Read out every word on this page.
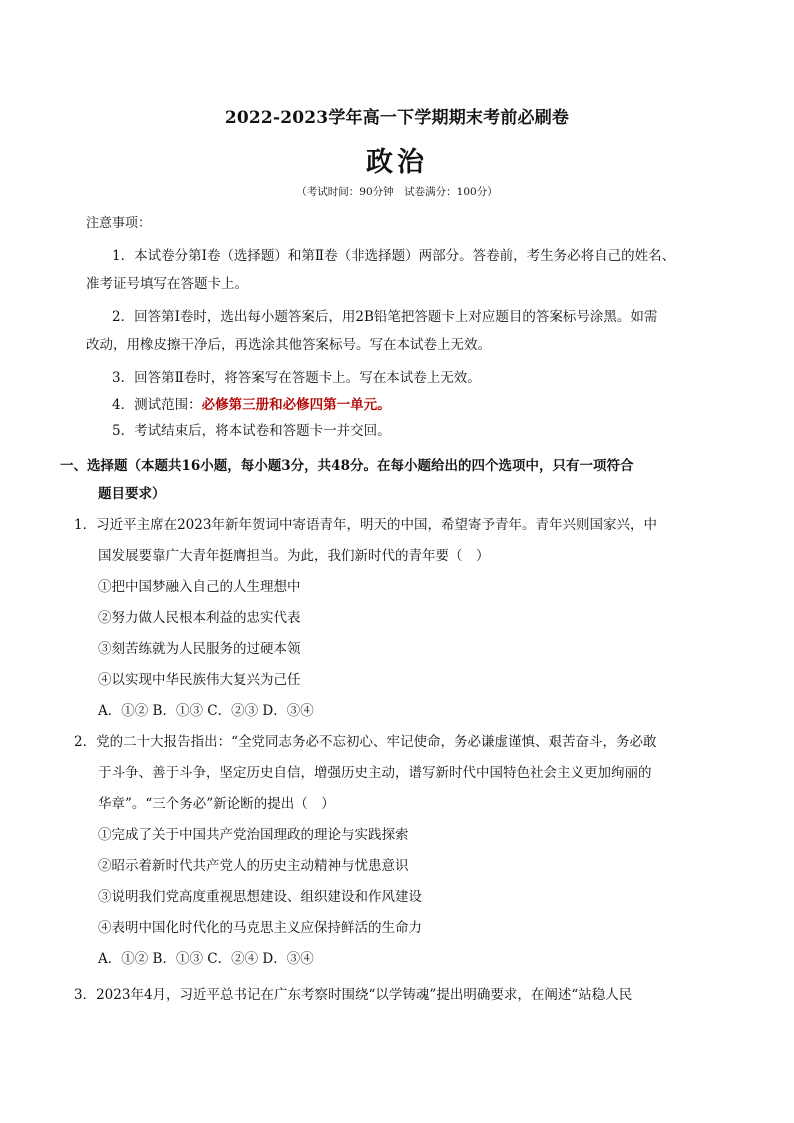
2022-2023学年高一下学期期末考前必刷卷
政治
（考试时间：90分钟　试卷满分：100分）
注意事项：
1．本试卷分第Ⅰ卷（选择题）和第Ⅱ卷（非选择题）两部分。答卷前，考生务必将自己的姓名、
准考证号填写在答题卡上。
2．回答第Ⅰ卷时，选出每小题答案后，用2B铅笔把答题卡上对应题目的答案标号涂黑。如需
改动，用橡皮擦干净后，再选涂其他答案标号。写在本试卷上无效。
3．回答第Ⅱ卷时，将答案写在答题卡上。写在本试卷上无效。
4．测试范围：必修第三册和必修四第一单元。
5．考试结束后，将本试卷和答题卡一并交回。
一、选择题（本题共16小题，每小题3分，共48分。在每小题给出的四个选项中，只有一项符合
题目要求）
1．习近平主席在2023年新年贺词中寄语青年，明天的中国，希望寄予青年。青年兴则国家兴，中
国发展要靠广大青年挺膺担当。为此，我们新时代的青年要（　）
①把中国梦融入自己的人生理想中
②努力做人民根本利益的忠实代表
③刻苦练就为人民服务的过硬本领
④以实现中华民族伟大复兴为己任
A．①② B．①③ C．②③ D．③④
2．党的二十大报告指出：“全党同志务必不忘初心、牢记使命，务必谦虚谨慎、艰苦奋斗，务必敢
于斗争、善于斗争，坚定历史自信，增强历史主动，谱写新时代中国特色社会主义更加绚丽的
华章”。“三个务必”新论断的提出（　）
①完成了关于中国共产党治国理政的理论与实践探索
②昭示着新时代共产党人的历史主动精神与忧患意识
③说明我们党高度重视思想建设、组织建设和作风建设
④表明中国化时代化的马克思主义应保持鲜活的生命力
A．①② B．①③ C．②④ D．③④
3．2023年4月，习近平总书记在广东考察时围绕“以学铸魂”提出明确要求，在阐述“站稳人民
